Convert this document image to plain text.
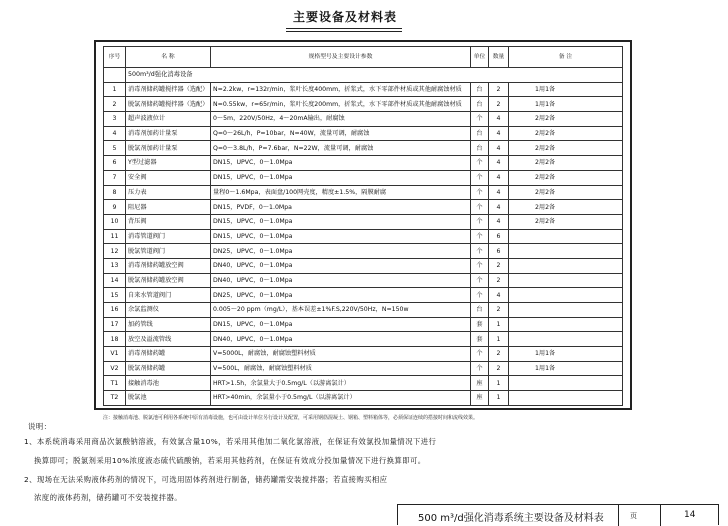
主要设备及材料表
序号	名 称	规格型号及主要设计参数	单位	数量	备 注
	500m³/d强化消毒设备				
1	消毒剂储药罐搅拌器（选配）	N=2.2kw，r=132r/min，浆叶长度400mm，折浆式，水下零部件材质或其他耐腐蚀材质	台	2	1用1备
2	脱氯剂储药罐搅拌器（选配）	N=0.55kw，r=65r/min，浆叶长度200mm，折浆式，水下零部件材质或其他耐腐蚀材质	台	2	1用1备
3	超声波液位计	0～5m，220V/50Hz，4～20mA输出，耐腐蚀	个	4	2用2备
4	消毒剂加药计量泵	Q=0～26L/h，P=10bar，N=40W，流量可调，耐腐蚀	台	4	2用2备
5	脱氯剂加药计量泵	Q=0～3.8L/h，P=7.6bar，N=22W，流量可调，耐腐蚀	台	4	2用2备
6	Y型过滤器	DN15，UPVC，0～1.0Mpa	个	4	2用2备
7	安全阀	DN15，UPVC，0～1.0Mpa	个	4	2用2备
8	压力表	量程0～1.6Mpa，表面盘/100网壳度，精度±1.5%，隔膜耐腐	个	4	2用2备
9	阻尼器	DN15，PVDF，0～1.0Mpa	个	4	2用2备
10	背压阀	DN15，UPVC，0～1.0Mpa	个	4	2用2备
11	消毒管道阀门	DN15，UPVC，0～1.0Mpa	个	6	
12	脱氯管道阀门	DN25，UPVC，0～1.0Mpa	个	6	
13	消毒剂储药罐放空阀	DN40，UPVC，0～1.0Mpa	个	2	
14	脱氯剂储药罐放空阀	DN40，UPVC，0～1.0Mpa	个	2	
15	自来水管道阀门	DN25，UPVC，0～1.0Mpa	个	4	
16	余氯监测仪	0.005～20 ppm（mg/L），基本误差±1%F.S,220V/50Hz，N=150w	台	2	
17	加药管线	DN15，UPVC，0～1.0Mpa	套	1	
18	放空及溢流管线	DN40，UPVC，0～1.0Mpa	套	1	
V1	消毒剂储药罐	V=5000L，耐腐蚀，耐腐蚀塑料材质	个	2	1用1备
V2	脱氯剂储药罐	V=500L，耐腐蚀，耐腐蚀塑料材质	个	2	1用1备
T1	接触消毒池	HRT>1.5h，余氯量大于0.5mg/L（以游离氯计）	座	1	
T2	脱氯池	HRT>40min，余氯量小于0.5mg/L（以游离氯计）	座	1	
注：接触消毒池、脱氯池可利用各系统中原有消毒设施，也可由设计单位另行设计及配置，可采用钢筋混凝土、钢箱、塑料箱体等，必须保证连续的搭接时间和流线效果。
说明：
1、本系统消毒采用商品次氯酸钠溶液，有效氯含量10%，若采用其他加二氧化氯溶液，在保证有效氯投加量情况下进行
换算即可；脱氯剂采用10%浓度液态硫代硫酸钠，若采用其他药剂，在保证有效成分投加量情况下进行换算即可。
2、现场在无法采购液体药剂的情况下，可选用固体药剂进行制备，储药罐需安装搅拌器；若直接购买相应
浓度的液体药剂，储药罐可不安装搅拌器。
500 m³/d强化消毒系统主要设备及材料表	页	14
